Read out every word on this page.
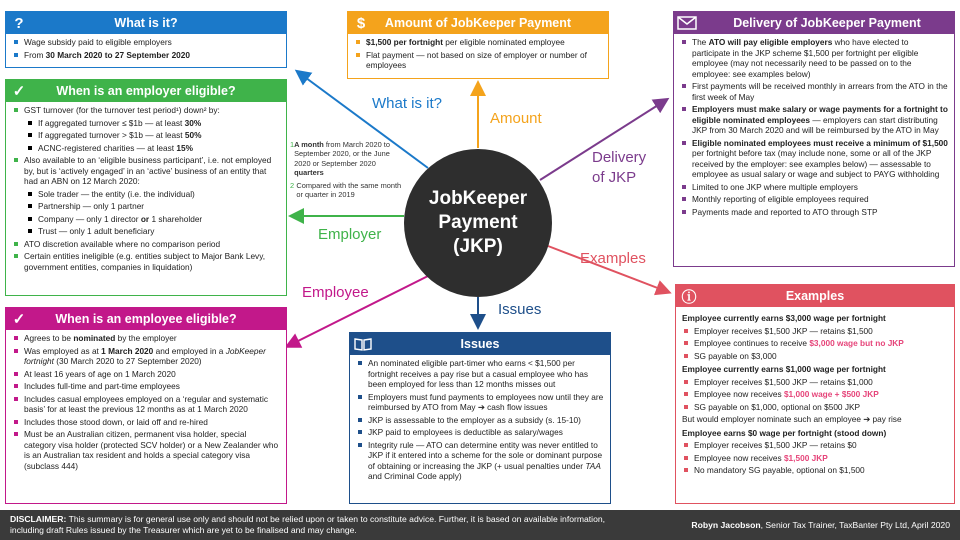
JobKeeper
Payment
(JKP)
What is it?
Amount
Delivery
of JKP
Employer
Examples
Employee
Issues
1 A month from March 2020 to September 2020, or the June 2020 or September 2020 quarters
2 Compared with the same month or quarter in 2019
?	What is it?
Wage subsidy paid to eligible employers
From 30 March 2020 to 27 September 2020
$	Amount of JobKeeper Payment
$1,500 per fortnight per eligible nominated employee
Flat payment — not based on size of employer or number of employees
Delivery of JobKeeper Payment
The ATO will pay eligible employers who have elected to participate in the JKP scheme $1,500 per fortnight per eligible employee (may not necessarily need to be passed on to the employee: see examples below)
First payments will be received monthly in arrears from the ATO in the first week of May
Employers must make salary or wage payments for a fortnight to eligible nominated employees — employers can start distributing JKP from 30 March 2020 and will be reimbursed by the ATO in May
Eligible nominated employees must receive a minimum of $1,500 per fortnight before tax (may include none, some or all of the JKP received by the employer: see examples below) — assessable to employee as usual salary or wage and subject to PAYG withholding
Limited to one JKP where multiple employers
Monthly reporting of eligible employees required
Payments made and reported to ATO through STP
✓	When is an employer eligible?
GST turnover (for the turnover test period¹) down² by:
If aggregated turnover ≤ $1b — at least 30%
If aggregated turnover > $1b — at least 50%
ACNC-registered charities — at least 15%
Also available to an ‘eligible business participant’, i.e. not employed by, but is ‘actively engaged’ in an ‘active’ business of an entity that had an ABN on 12 March 2020:
Sole trader — the entity (i.e. the individual)
Partnership — only 1 partner
Company — only 1 director or 1 shareholder
Trust — only 1 adult beneficiary
ATO discretion available where no comparison period
Certain entities ineligible (e.g. entities subject to Major Bank Levy, government entities, companies in liquidation)
✓	When is an employee eligible?
Agrees to be nominated by the employer
Was employed as at 1 March 2020 and employed in a JobKeeper fortnight (30 March 2020 to 27 September 2020)
At least 16 years of age on 1 March 2020
Includes full-time and part-time employees
Includes casual employees employed on a ‘regular and systematic basis’ for at least the previous 12 months as at 1 March 2020
Includes those stood down, or laid off and re-hired
Must be an Australian citizen, permanent visa holder, special category visa holder (protected SCV holder) or a New Zealander who is an Australian tax resident and holds a special category visa (subclass 444)
Issues
An nominated eligible part-timer who earns < $1,500 per fortnight receives a pay rise but a casual employee who has been employed for less than 12 months misses out
Employers must fund payments to employees now until they are reimbursed by ATO from May ➔ cash flow issues
JKP is assessable to the employer as a subsidy (s. 15-10)
JKP paid to employees is deductible as salary/wages
Integrity rule — ATO can determine entity was never entitled to JKP if it entered into a scheme for the sole or dominant purpose of obtaining or increasing the JKP (+ usual penalties under TAA and Criminal Code apply)
ⓘ	Examples
Employee currently earns $3,000 wage per fortnight
Employer receives $1,500 JKP — retains $1,500
Employee continues to receive $3,000 wage but no JKP
SG payable on $3,000
Employee currently earns $1,000 wage per fortnight
Employer receives $1,500 JKP — retains $1,000
Employee now receives $1,000 wage + $500 JKP
SG payable on $1,000, optional on $500 JKP
But would employer nominate such an employee ➔ pay rise
Employee earns $0 wage per fortnight (stood down)
Employer receives $1,500 JKP — retains $0
Employee now receives $1,500 JKP
No mandatory SG payable, optional on $1,500
DISCLAIMER: This summary is for general use only and should not be relied upon or taken to constitute advice. Further, it is based on available information, including draft Rules issued by the Treasurer which are yet to be finalised and may change.	Robyn Jacobson, Senior Tax Trainer, TaxBanter Pty Ltd, April 2020
